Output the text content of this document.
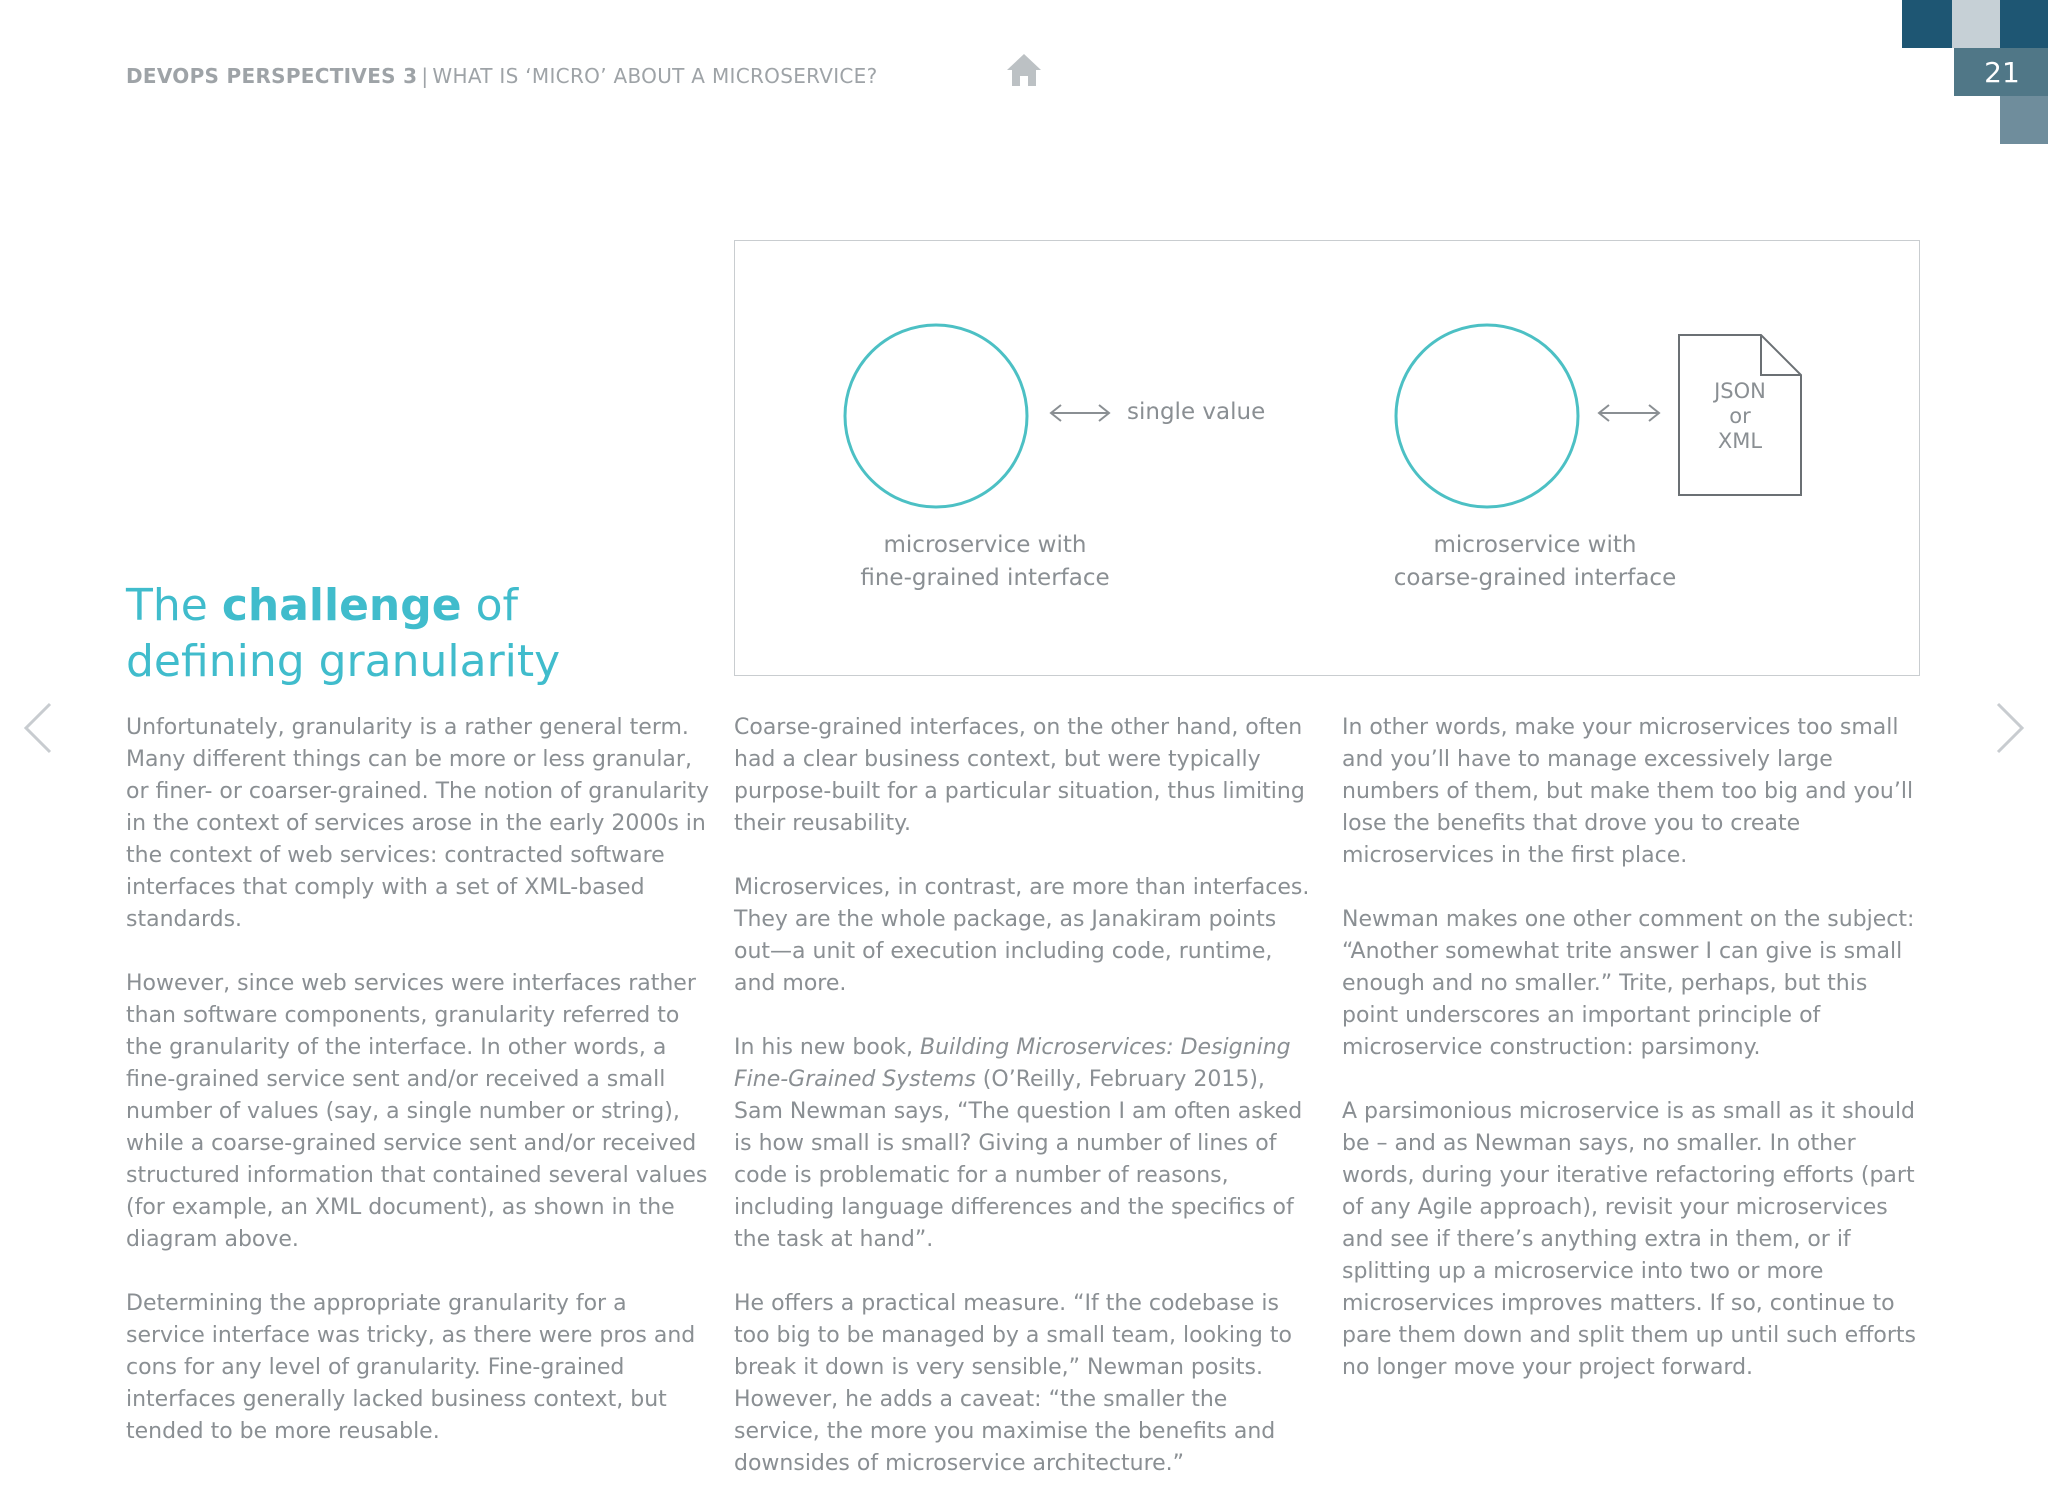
DEVOPS PERSPECTIVES 3 | WHAT IS ‘MICRO’ ABOUT A MICROSERVICE?	21
single value
JSON
or
XML
microservice with
fine-grained interface
microservice with
coarse-grained interface
The challenge of
defining granularity

Unfortunately, granularity is a rather general term. Many different things can be more or less granular, or finer- or coarser-grained. The notion of granularity in the context of services arose in the early 2000s in the context of web services: contracted software interfaces that comply with a set of XML-based standards.

However, since web services were interfaces rather than software components, granularity referred to the granularity of the interface. In other words, a fine-grained service sent and/or received a small number of values (say, a single number or string), while a coarse-grained service sent and/or received structured information that contained several values (for example, an XML document), as shown in the diagram above.

Determining the appropriate granularity for a service interface was tricky, as there were pros and cons for any level of granularity. Fine-grained interfaces generally lacked business context, but tended to be more reusable.

Coarse-grained interfaces, on the other hand, often had a clear business context, but were typically purpose-built for a particular situation, thus limiting their reusability.

Microservices, in contrast, are more than interfaces. They are the whole package, as Janakiram points out—a unit of execution including code, runtime, and more.

In his new book, Building Microservices: Designing Fine-Grained Systems (O’Reilly, February 2015), Sam Newman says, “The question I am often asked is how small is small? Giving a number of lines of code is problematic for a number of reasons, including language differences and the specifics of the task at hand”.

He offers a practical measure. “If the codebase is too big to be managed by a small team, looking to break it down is very sensible,” Newman posits. However, he adds a caveat: “the smaller the service, the more you maximise the benefits and downsides of microservice architecture.”

In other words, make your microservices too small and you’ll have to manage excessively large numbers of them, but make them too big and you’ll lose the benefits that drove you to create microservices in the first place.

Newman makes one other comment on the subject: “Another somewhat trite answer I can give is small enough and no smaller.” Trite, perhaps, but this point underscores an important principle of microservice construction: parsimony.

A parsimonious microservice is as small as it should be – and as Newman says, no smaller. In other words, during your iterative refactoring efforts (part of any Agile approach), revisit your microservices and see if there’s anything extra in them, or if splitting up a microservice into two or more microservices improves matters. If so, continue to pare them down and split them up until such efforts no longer move your project forward.
